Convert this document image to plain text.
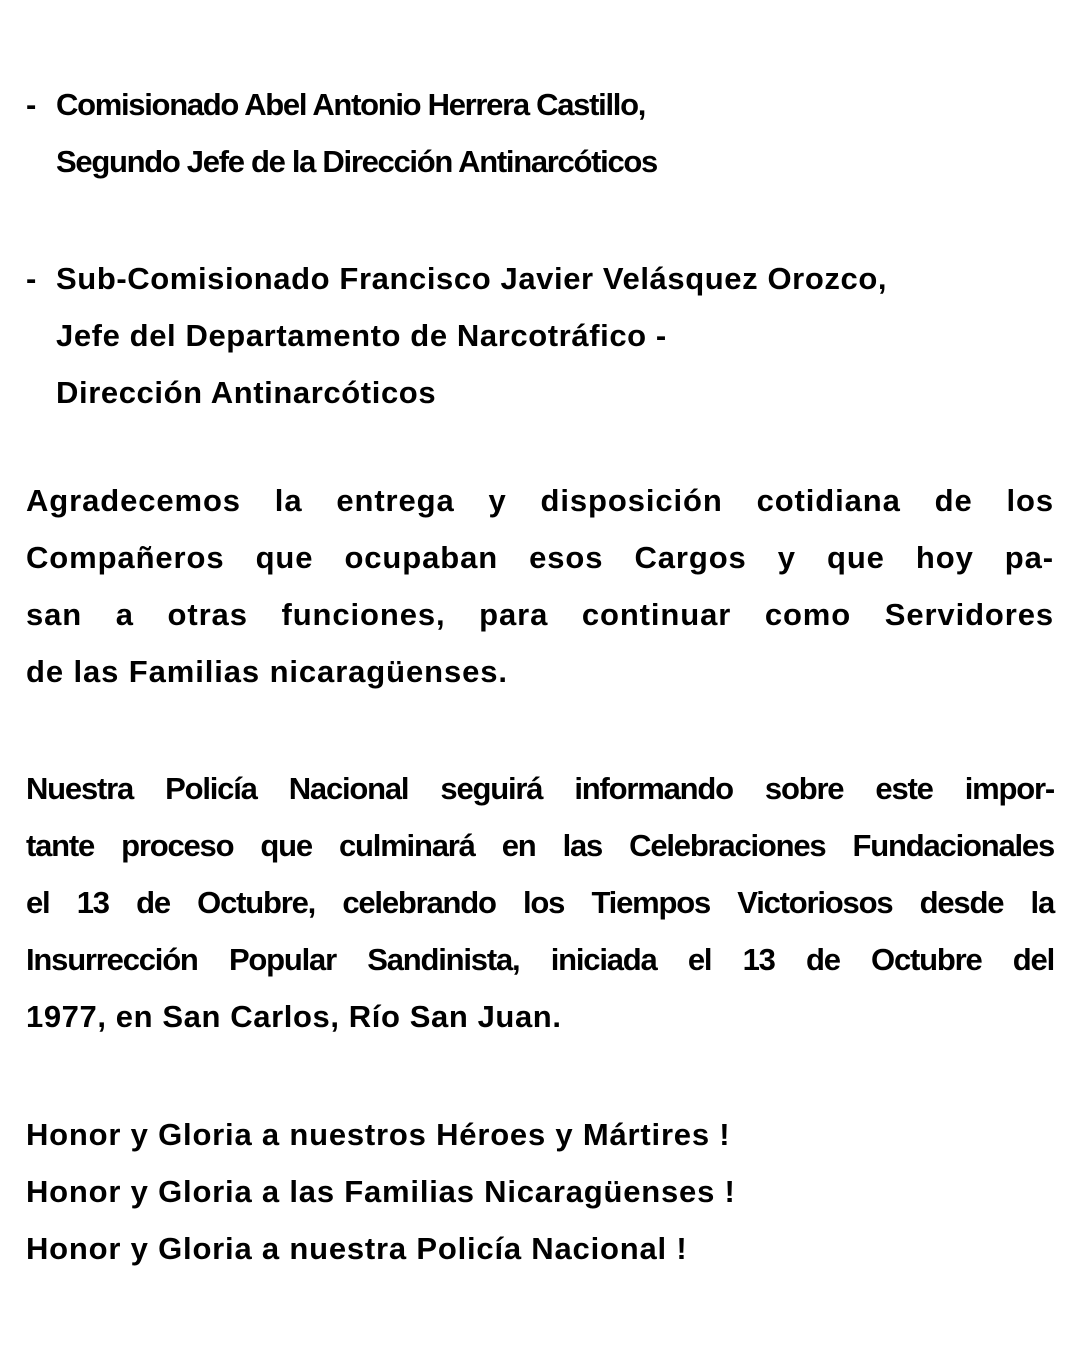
- Comisionado Abel Antonio Herrera Castillo,
Segundo Jefe de la Dirección Antinarcóticos
- Sub-Comisionado Francisco Javier Velásquez Orozco,
Jefe del Departamento de Narcotráfico -
Dirección Antinarcóticos
Agradecemos la entrega y disposición cotidiana de los
Compañeros que ocupaban esos Cargos y que hoy pa-
san a otras funciones, para continuar como Servidores
de las Familias nicaragüenses.
Nuestra Policía Nacional seguirá informando sobre este impor-
tante proceso que culminará en las Celebraciones Fundacionales
el 13 de Octubre, celebrando los Tiempos Victoriosos desde la
Insurrección Popular Sandinista, iniciada el 13 de Octubre del
1977, en San Carlos, Río San Juan.
Honor y Gloria a nuestros Héroes y Mártires !
Honor y Gloria a las Familias Nicaragüenses !
Honor y Gloria a nuestra Policía Nacional !
